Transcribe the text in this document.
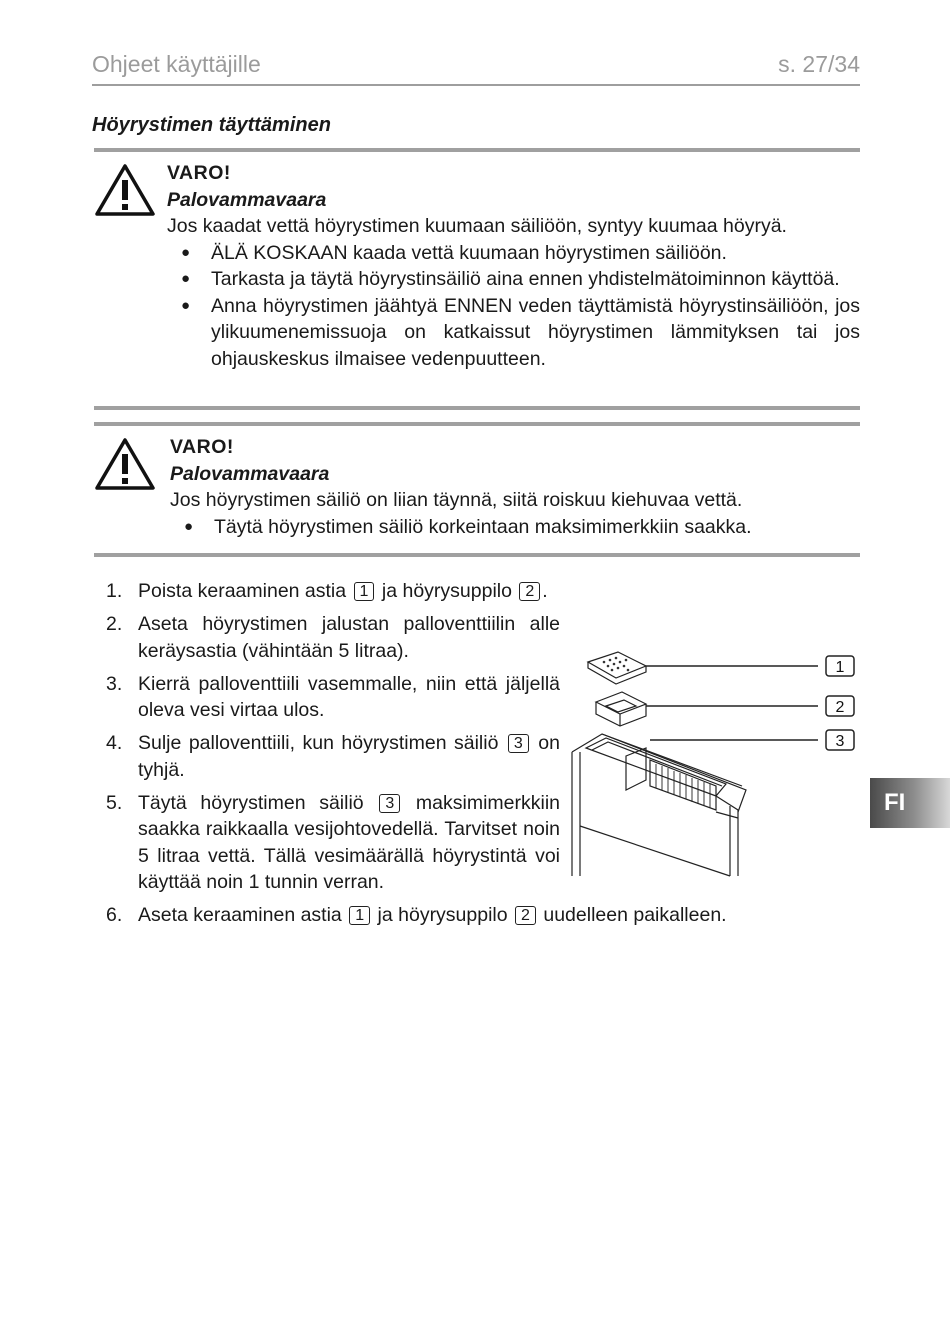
Ohjeet käyttäjille	s. 27/34
Höyrystimen täyttäminen
VARO!
Palovammavaara
Jos kaadat vettä höyrystimen kuumaan säiliöön, syntyy kuumaa höyryä.
● ÄLÄ KOSKAAN kaada vettä kuumaan höyrystimen säiliöön.
● Tarkasta ja täytä höyrystinsäiliö aina ennen yhdistelmätoiminnon käyttöä.
● Anna höyrystimen jäähtyä ENNEN veden täyttämistä höyrystinsäiliöön, jos ylikuumenemissuoja on katkaissut höyrystimen lämmityksen tai jos ohjauskeskus ilmaisee vedenpuutteen.
VARO!
Palovammavaara
Jos höyrystimen säiliö on liian täynnä, siitä roiskuu kiehuvaa vettä.
● Täytä höyrystimen säiliö korkeintaan maksimimerkkiin saakka.
1. Poista keraaminen astia 1 ja höyrysuppilo 2 .
2. Aseta höyrystimen jalustan palloventtiilin alle keräysastia (vähintään 5 litraa).
3. Kierrä palloventtiili vasemmalle, niin että jäljellä oleva vesi virtaa ulos.
4. Sulje palloventtiili, kun höyrystimen säiliö 3 on tyhjä.
5. Täytä höyrystimen säiliö 3 maksimimerkkiin saakka raikkaalla vesijohtovedellä. Tarvitset noin 5 litraa vettä. Tällä vesimäärällä höyrystintä voi käyttää noin 1 tunnin verran.
6. Aseta keraaminen astia 1 ja höyrysuppilo 2 uudelleen paikalleen.
1
2
3
FI
